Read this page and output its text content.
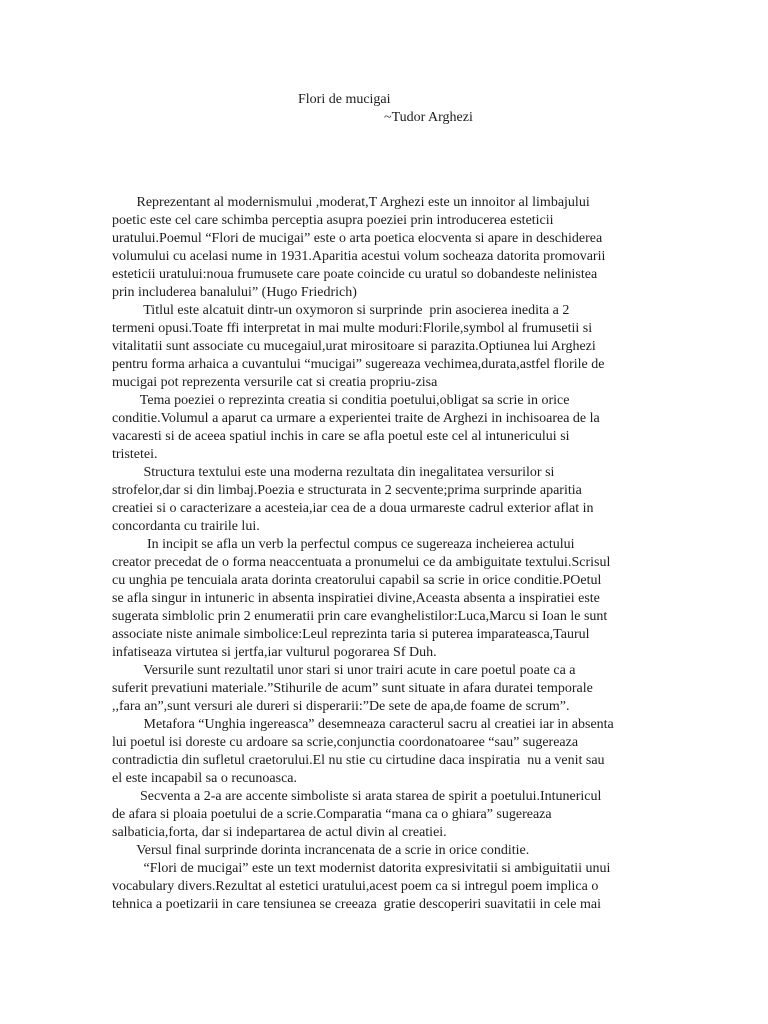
Flori de mucigai
~Tudor Arghezi
Reprezentant al modernismului ,moderat,T Arghezi este un innoitor al limbajului
poetic este cel care schimba perceptia asupra poeziei prin introducerea esteticii
uratului.Poemul “Flori de mucigai” este o arta poetica elocventa si apare in deschiderea
volumului cu acelasi nume in 1931.Aparitia acestui volum socheaza datorita promovarii
esteticii uratului:noua frumusete care poate coincide cu uratul so dobandeste nelinistea
prin includerea banalului” (Hugo Friedrich)
Titlul este alcatuit dintr-un oxymoron si surprinde  prin asocierea inedita a 2
termeni opusi.Toate ffi interpretat in mai multe moduri:Florile,symbol al frumusetii si
vitalitatii sunt associate cu mucegaiul,urat mirositoare si parazita.Optiunea lui Arghezi
pentru forma arhaica a cuvantului “mucigai” sugereaza vechimea,durata,astfel florile de
mucigai pot reprezenta versurile cat si creatia propriu-zisa
Tema poeziei o reprezinta creatia si conditia poetului,obligat sa scrie in orice
conditie.Volumul a aparut ca urmare a experientei traite de Arghezi in inchisoarea de la
vacaresti si de aceea spatiul inchis in care se afla poetul este cel al intunericului si
tristetei.
Structura textului este una moderna rezultata din inegalitatea versurilor si
strofelor,dar si din limbaj.Poezia e structurata in 2 secvente;prima surprinde aparitia
creatiei si o caracterizare a acesteia,iar cea de a doua urmareste cadrul exterior aflat in
concordanta cu trairile lui.
In incipit se afla un verb la perfectul compus ce sugereaza incheierea actului
creator precedat de o forma neaccentuata a pronumelui ce da ambiguitate textului.Scrisul
cu unghia pe tencuiala arata dorinta creatorului capabil sa scrie in orice conditie.POetul
se afla singur in intuneric in absenta inspiratiei divine,Aceasta absenta a inspiratiei este
sugerata simblolic prin 2 enumeratii prin care evanghelistilor:Luca,Marcu si Ioan le sunt
associate niste animale simbolice:Leul reprezinta taria si puterea imparateasca,Taurul
infatiseaza virtutea si jertfa,iar vulturul pogorarea Sf Duh.
Versurile sunt rezultatil unor stari si unor trairi acute in care poetul poate ca a
suferit prevatiuni materiale.”Stihurile de acum” sunt situate in afara duratei temporale
,,fara an”,sunt versuri ale dureri si disperarii:”De sete de apa,de foame de scrum”.
Metafora “Unghia ingereasca” desemneaza caracterul sacru al creatiei iar in absenta
lui poetul isi doreste cu ardoare sa scrie,conjunctia coordonatoaree “sau” sugereaza
contradictia din sufletul craetorului.El nu stie cu cirtudine daca inspiratia  nu a venit sau
el este incapabil sa o recunoasca.
Secventa a 2-a are accente simboliste si arata starea de spirit a poetului.Intunericul
de afara si ploaia poetului de a scrie.Comparatia “mana ca o ghiara” sugereaza
salbaticia,forta, dar si indepartarea de actul divin al creatiei.
Versul final surprinde dorinta incrancenata de a scrie in orice conditie.
“Flori de mucigai” este un text modernist datorita expresivitatii si ambiguitatii unui
vocabulary divers.Rezultat al estetici uratului,acest poem ca si intregul poem implica o
tehnica a poetizarii in care tensiunea se creeaza  gratie descoperiri suavitatii in cele mai
